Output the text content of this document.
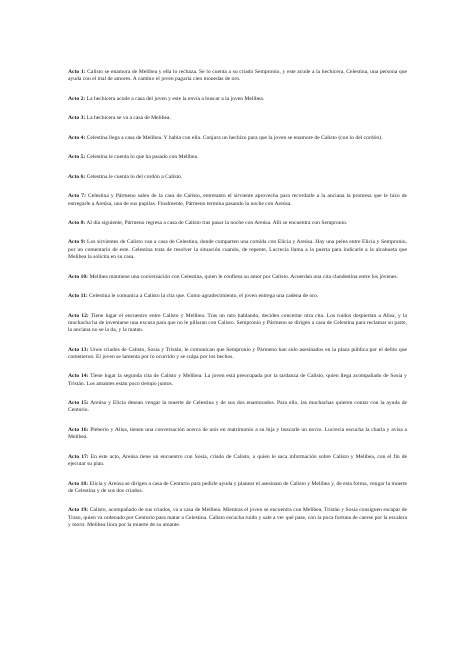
Acto 1: Calisto se enamora de Melibea y ella lo rechaza. Se lo cuenta a su criado Sempronio, y este acude a la hechicera, Celestina, una persona que ayuda con el mal de amores. A cambio el joven pagaría cien monedas de oro.

Acto 2: La hechicera acude a casa del joven y este la envía a buscar a la joven Melibea.

Acto 3: La hechicera se va a casa de Melibea.

Acto 4: Celestina llega a casa de Melibea. Y habla con ella. Conjura un hechizo para que la joven se enamore de Calisto (con lo del cordón).

Acto 5: Celestina le cuenta lo que ha pasado con Melibea.

Acto 6: Celestina le cuenta lo del cordón a Calisto.

Acto 7: Celestina y Pármeno salen de la casa de Calisto, entretanto el sirviente aprovecha para recordarle a la anciana la promesa que le hizo de entregarle a Areúsa, una de sus pupilas. Finalmente, Pármeno termina pasando la noche con Areúsa.

Acto 8: Al día siguiente, Pármeno regresa a casa de Calisto tras pasar la noche con Areúsa. Allí se encuentra con Sempronio.

Acto 9: Los sirvientes de Calisto van a casa de Celestina, donde comparten una comida con Elicia y Areúsa. Hay una pelea entre Elicia y Sempronio, por un comentario de este. Celestina trata de resolver la situación cuando, de repente, Lucrecia llama a la puerta para indicarle a la alcahueta que Melibea la solicita en su casa.

Acto 10: Melibea mantiene una conversación con Celestina, quien le confiesa su amor por Calisto. Acuerdan una cita clandestina entre los jóvenes.

Acto 11: Celestina le comunica a Calisto la cita que. Como agradecimiento, el joven entrega una cadena de oro.

Acto 12: Tiene lugar el encuentro entre Calisto y Melibea. Tras un rato hablando, deciden concertar otra cita. Los ruidos despiertan a Alisa, y la muchacha ha de inventarse una excusa para que no le pillaran con Calisto. Sempronio y Pármeno se dirigen a casa de Celestina para reclamar su parte, la anciana no se la da, y la matan.

Acto 13: Unos criados de Calisto, Sosia y Tristán, le comunican que Sempronio y Pármeno han sido asesinados en la plaza pública por el delito que cometieron. El joven se lamenta por lo ocurrido y se culpa por los hechos.

Acto 14: Tiene lugar la segunda cita de Calisto y Melibea. La joven está preocupada por la tardanza de Calisto, quien llega acompañado de Sosia y Tristán. Los amantes están poco tiempo juntos.

Acto 15: Areúsa y Elicia desean vengar la muerte de Celestina y de sus dos enamorados. Para ello, las muchachas quieren contar con la ayuda de Centurio.

Acto 16: Pleberio y Alisa, tienen una conversación acerca de unir en matrimonio a su hija y buscarle un novio. Lucrecia escucha la charla y avisa a Melibea.

Acto 17: En este acto, Areúsa tiene un encuentro con Sosia, criado de Calisto, a quien le saca información sobre Calisto y Melibea, con el fin de ejecutar su plan.

Acto 18: Elicia y Areúsa se dirigen a casa de Centurio para pedirle ayuda y planear el asesinato de Calisto y Melibea y, de esta forma, vengar la muerte de Celestina y de sus dos criados.

Acto 19: Calisto, acompañado de sus criados, va a casa de Melibea. Mientras el joven se encuentra con Melibea, Tristán y Sosia consiguen escapar de Traso, quien va ordenado por Centurio para matar a Celestina. Calisto escucha ruido y sale a ver qué pase, con la poca fortuna de caerse por la escalera y morir. Melibea llora por la muerte de su amante.
